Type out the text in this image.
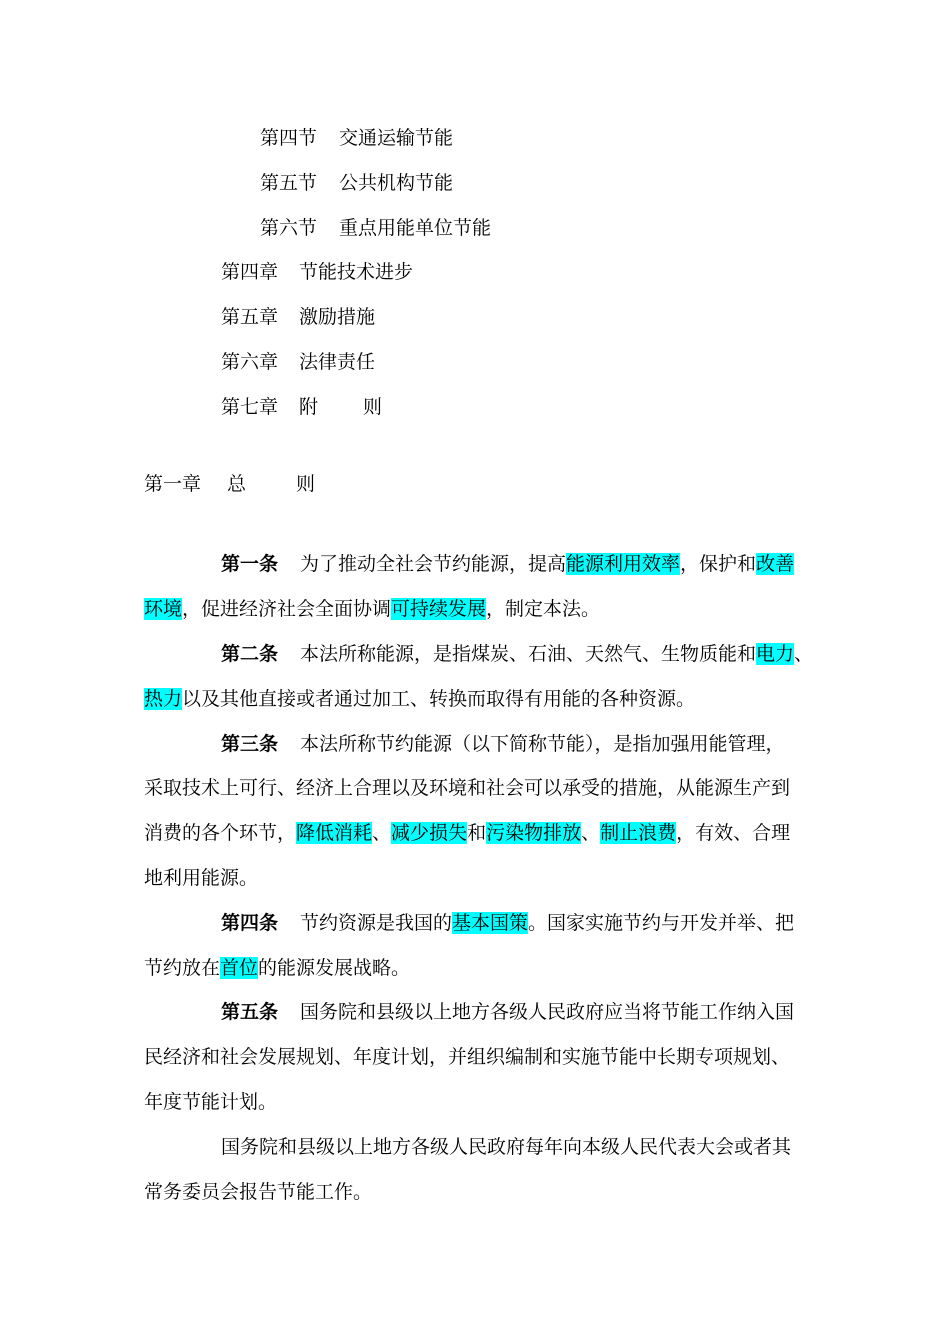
第四节 交通运输节能
第五节 公共机构节能
第六节 重点用能单位节能
第四章 节能技术进步
第五章 激励措施
第六章 法律责任
第七章 附 则
第一章 总	则
第一条 为了推动全社会节约能源，提高能源利用效率，保护和改善
环境，促进经济社会全面协调可持续发展，制定本法。
第二条 本法所称能源，是指煤炭、石油、天然气、生物质能和电力、
热力以及其他直接或者通过加工、转换而取得有用能的各种资源。
第三条 本法所称节约能源（以下简称节能），是指加强用能管理，
采取技术上可行、经济上合理以及环境和社会可以承受的措施，从能源生产到
消费的各个环节，降低消耗、减少损失和污染物排放、制止浪费，有效、合理
地利用能源。
第四条 节约资源是我国的基本国策。国家实施节约与开发并举、把
节约放在首位的能源发展战略。
第五条 国务院和县级以上地方各级人民政府应当将节能工作纳入国
民经济和社会发展规划、年度计划，并组织编制和实施节能中长期专项规划、
年度节能计划。
国务院和县级以上地方各级人民政府每年向本级人民代表大会或者其
常务委员会报告节能工作。
